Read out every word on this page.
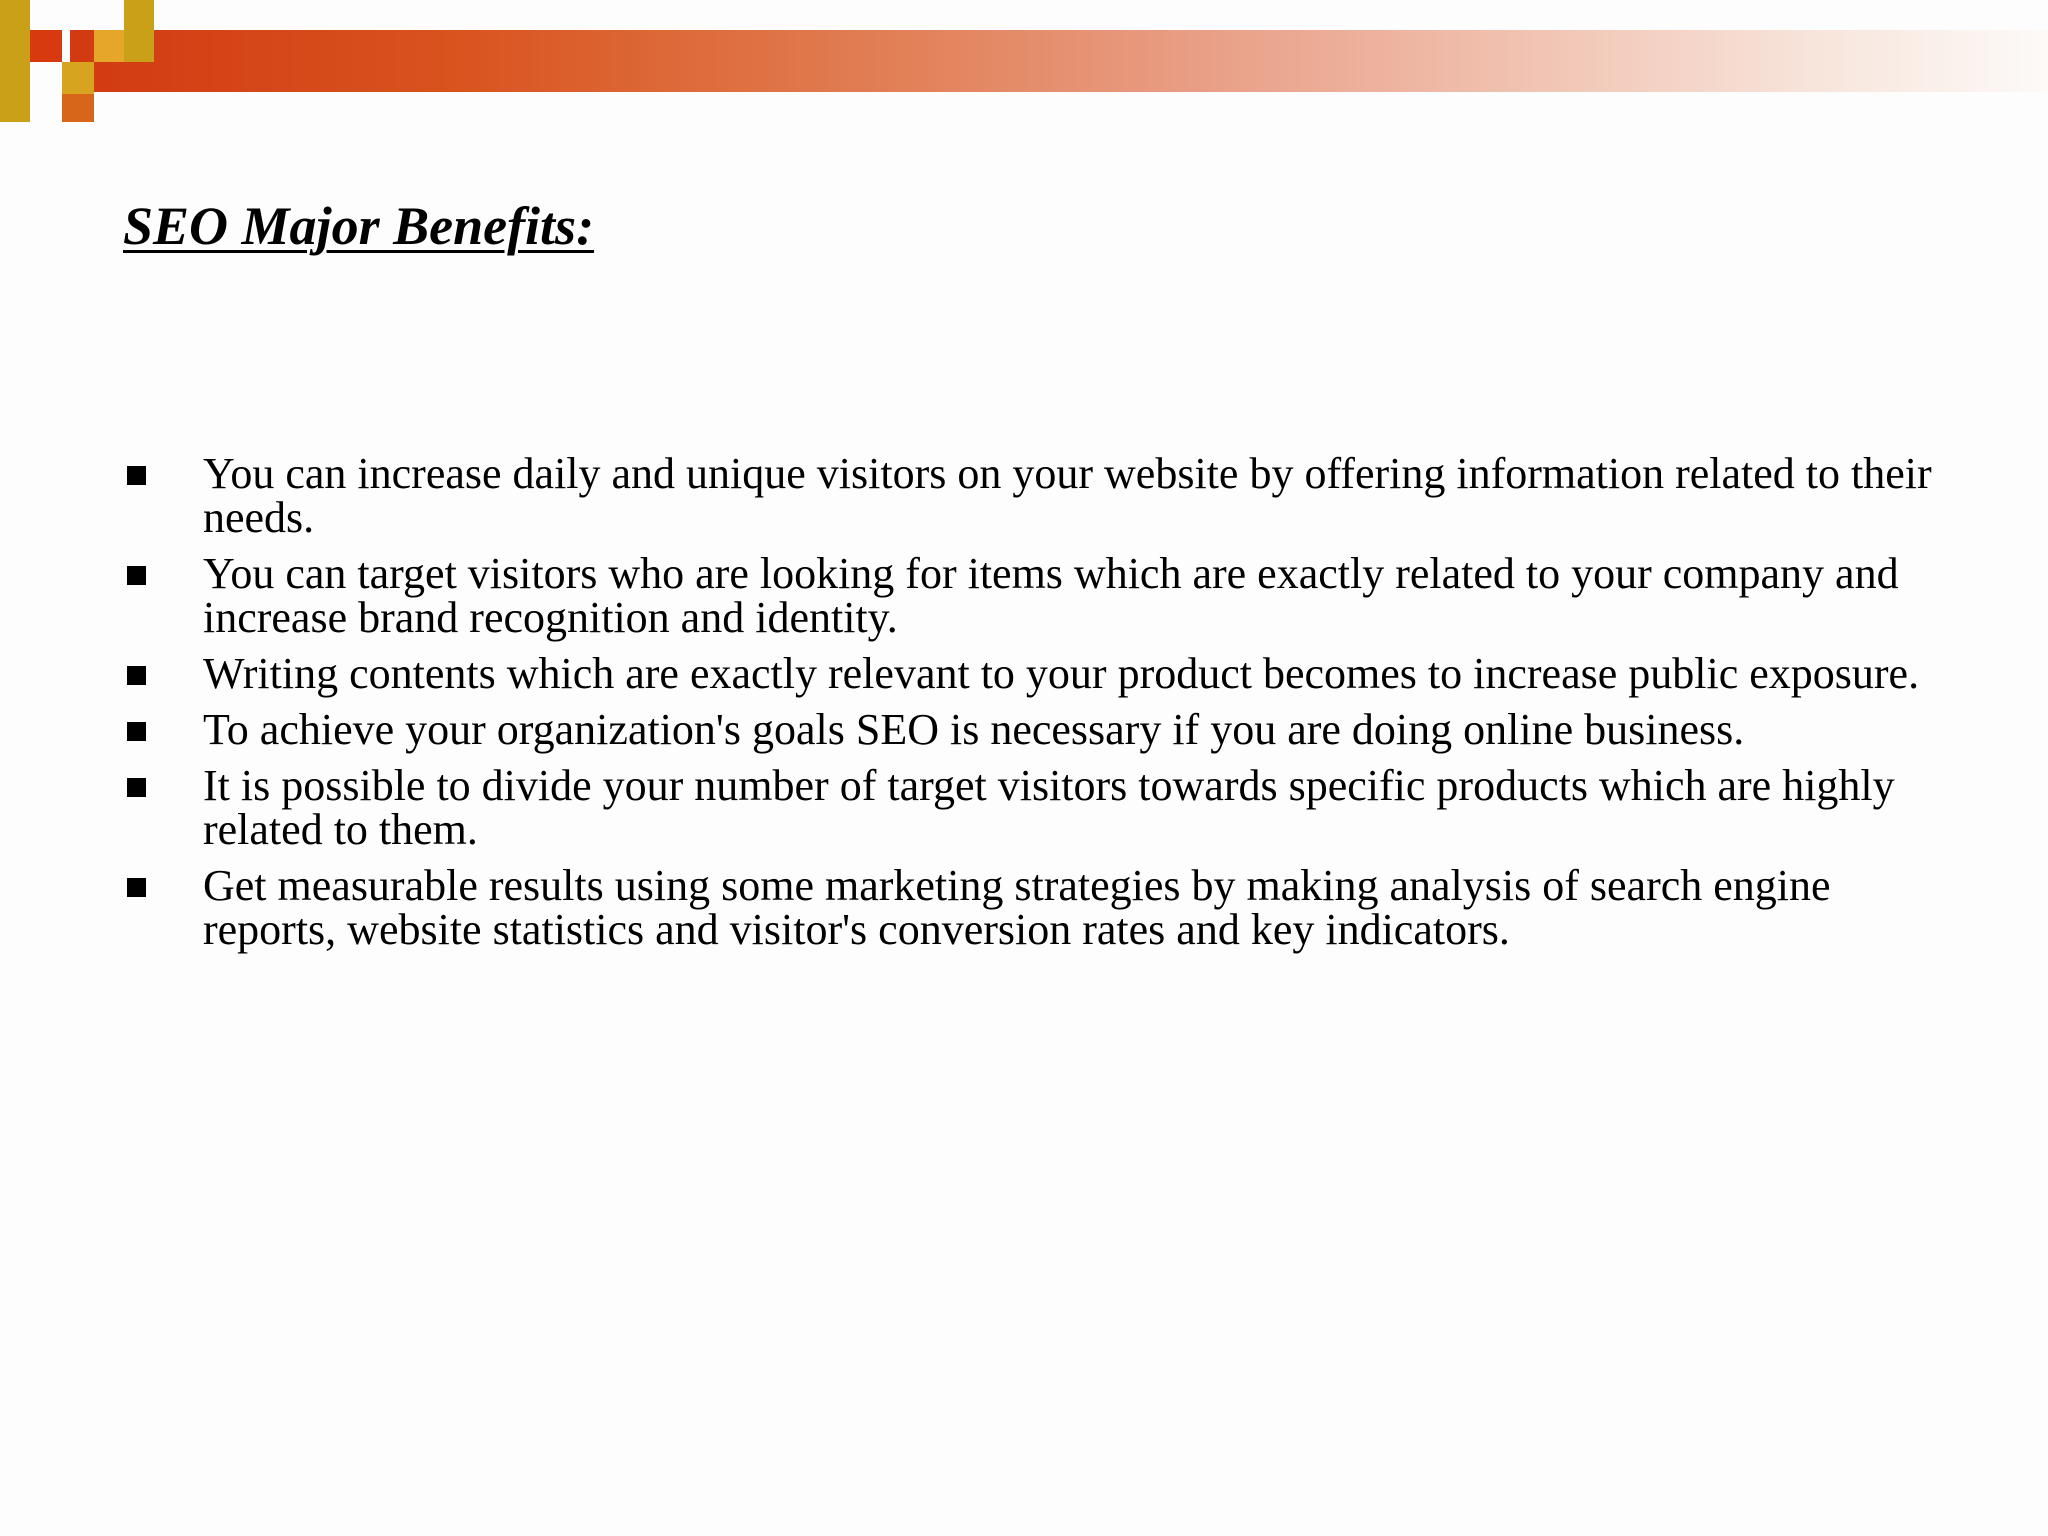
SEO Major Benefits:
You can increase daily and unique visitors on your website by offering information related to their needs.
You can target visitors who are looking for items which are exactly related to your company and increase brand recognition and identity.
Writing contents which are exactly relevant to your product becomes to increase public exposure.
To achieve your organization's goals SEO is necessary if you are doing online business.
It is possible to divide your number of target visitors towards specific products which are highly related to them.
Get measurable results using some marketing strategies by making analysis of search engine reports, website statistics and visitor's conversion rates and key indicators.
